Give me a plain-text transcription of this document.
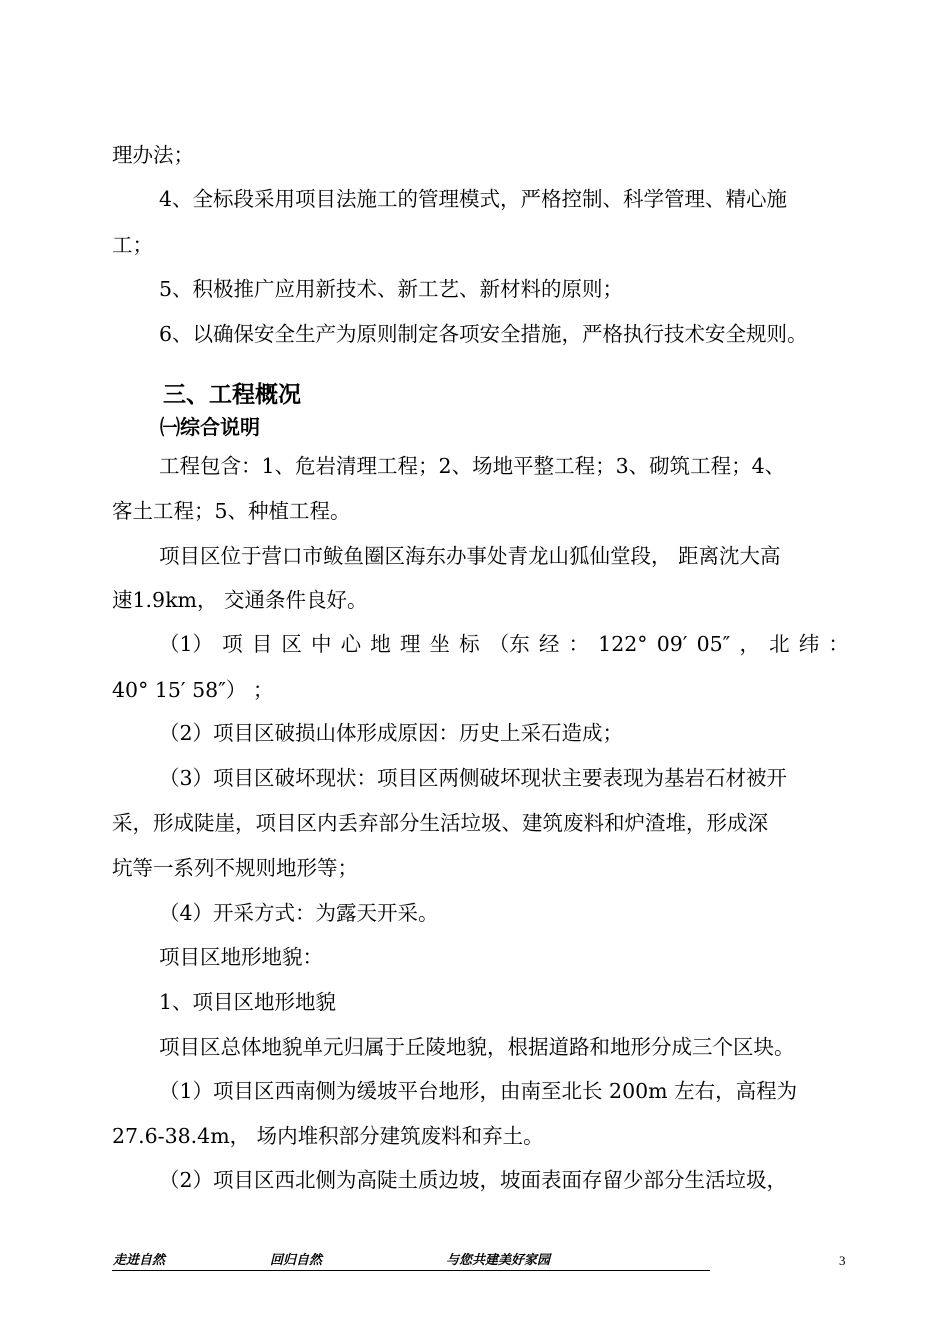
理办法；
4、全标段采用项目法施工的管理模式，严格控制、科学管理、精心施
工；
5、积极推广应用新技术、新工艺、新材料的原则；
6、以确保安全生产为原则制定各项安全措施，严格执行技术安全规则。
三、工程概况
㈠综合说明
工程包含：1、危岩清理工程；2、场地平整工程；3、砌筑工程；4、
客土工程；5、种植工程。
项目区位于营口市鲅鱼圈区海东办事处青龙山狐仙堂段， 距离沈大高
速1.9km， 交通条件良好。
（1） 项 目 区 中 心 地 理 坐 标 （东 经 ： 122° 09′ 05″ ， 北 纬 ：
40° 15′ 58″） ；
（2）项目区破损山体形成原因：历史上采石造成；
（3）项目区破坏现状：项目区两侧破坏现状主要表现为基岩石材被开
采，形成陡崖，项目区内丢弃部分生活垃圾、建筑废料和炉渣堆，形成深
坑等一系列不规则地形等；
（4）开采方式：为露天开采。
项目区地形地貌：
1、项目区地形地貌
项目区总体地貌单元归属于丘陵地貌，根据道路和地形分成三个区块。
（1）项目区西南侧为缓坡平台地形，由南至北长 200m 左右，高程为
27.6-38.4m， 场内堆积部分建筑废料和弃土。
（2）项目区西北侧为高陡土质边坡，坡面表面存留少部分生活垃圾，
走进自然	回归自然	与您共建美好家园	3
